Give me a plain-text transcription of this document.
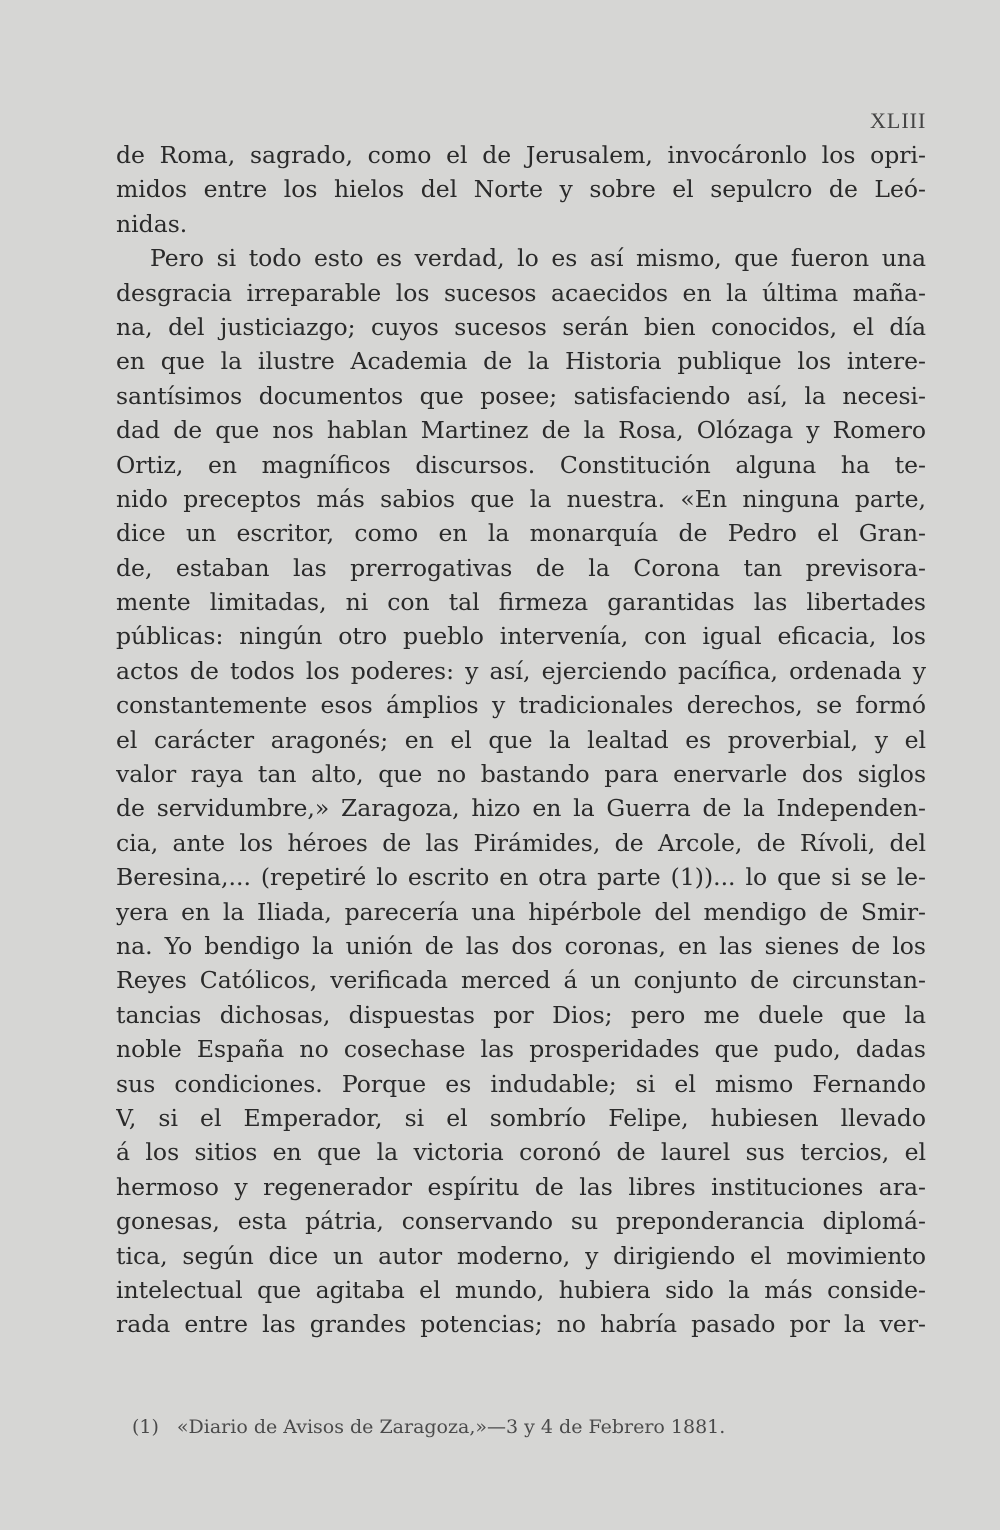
XLIII
de Roma, sagrado, como el de Jerusalem, invocáronlo los opri-
midos entre los hielos del Norte y sobre el sepulcro de Leó-
nidas.
Pero si todo esto es verdad, lo es así mismo, que fueron una
desgracia irreparable los sucesos acaecidos en la última maña-
na, del justiciazgo; cuyos sucesos serán bien conocidos, el día
en que la ilustre Academia de la Historia publique los intere-
santísimos documentos que posee; satisfaciendo así, la necesi-
dad de que nos hablan Martinez de la Rosa, Olózaga y Romero
Ortiz, en magníficos discursos. Constitución alguna ha te-
nido preceptos más sabios que la nuestra. «En ninguna parte,
dice un escritor, como en la monarquía de Pedro el Gran-
de, estaban las prerrogativas de la Corona tan previsora-
mente limitadas, ni con tal firmeza garantidas las libertades
públicas: ningún otro pueblo intervenía, con igual eficacia, los
actos de todos los poderes: y así, ejerciendo pacífica, ordenada y
constantemente esos ámplios y tradicionales derechos, se formó
el carácter aragonés; en el que la lealtad es proverbial, y el
valor raya tan alto, que no bastando para enervarle dos siglos
de servidumbre,» Zaragoza, hizo en la Guerra de la Independen-
cia, ante los héroes de las Pirámides, de Arcole, de Rívoli, del
Beresina,... (repetiré lo escrito en otra parte (1))... lo que si se le-
yera en la Iliada, parecería una hipérbole del mendigo de Smir-
na. Yo bendigo la unión de las dos coronas, en las sienes de los
Reyes Católicos, verificada merced á un conjunto de circunstan-
tancias dichosas, dispuestas por Dios; pero me duele que la
noble España no cosechase las prosperidades que pudo, dadas
sus condiciones. Porque es indudable; si el mismo Fernando
V, si el Emperador, si el sombrío Felipe, hubiesen llevado
á los sitios en que la victoria coronó de laurel sus tercios, el
hermoso y regenerador espíritu de las libres instituciones ara-
gonesas, esta pátria, conservando su preponderancia diplomá-
tica, según dice un autor moderno, y dirigiendo el movimiento
intelectual que agitaba el mundo, hubiera sido la más conside-
rada entre las grandes potencias; no habría pasado por la ver-
(1) «Diario de Avisos de Zaragoza,»—3 y 4 de Febrero 1881.
